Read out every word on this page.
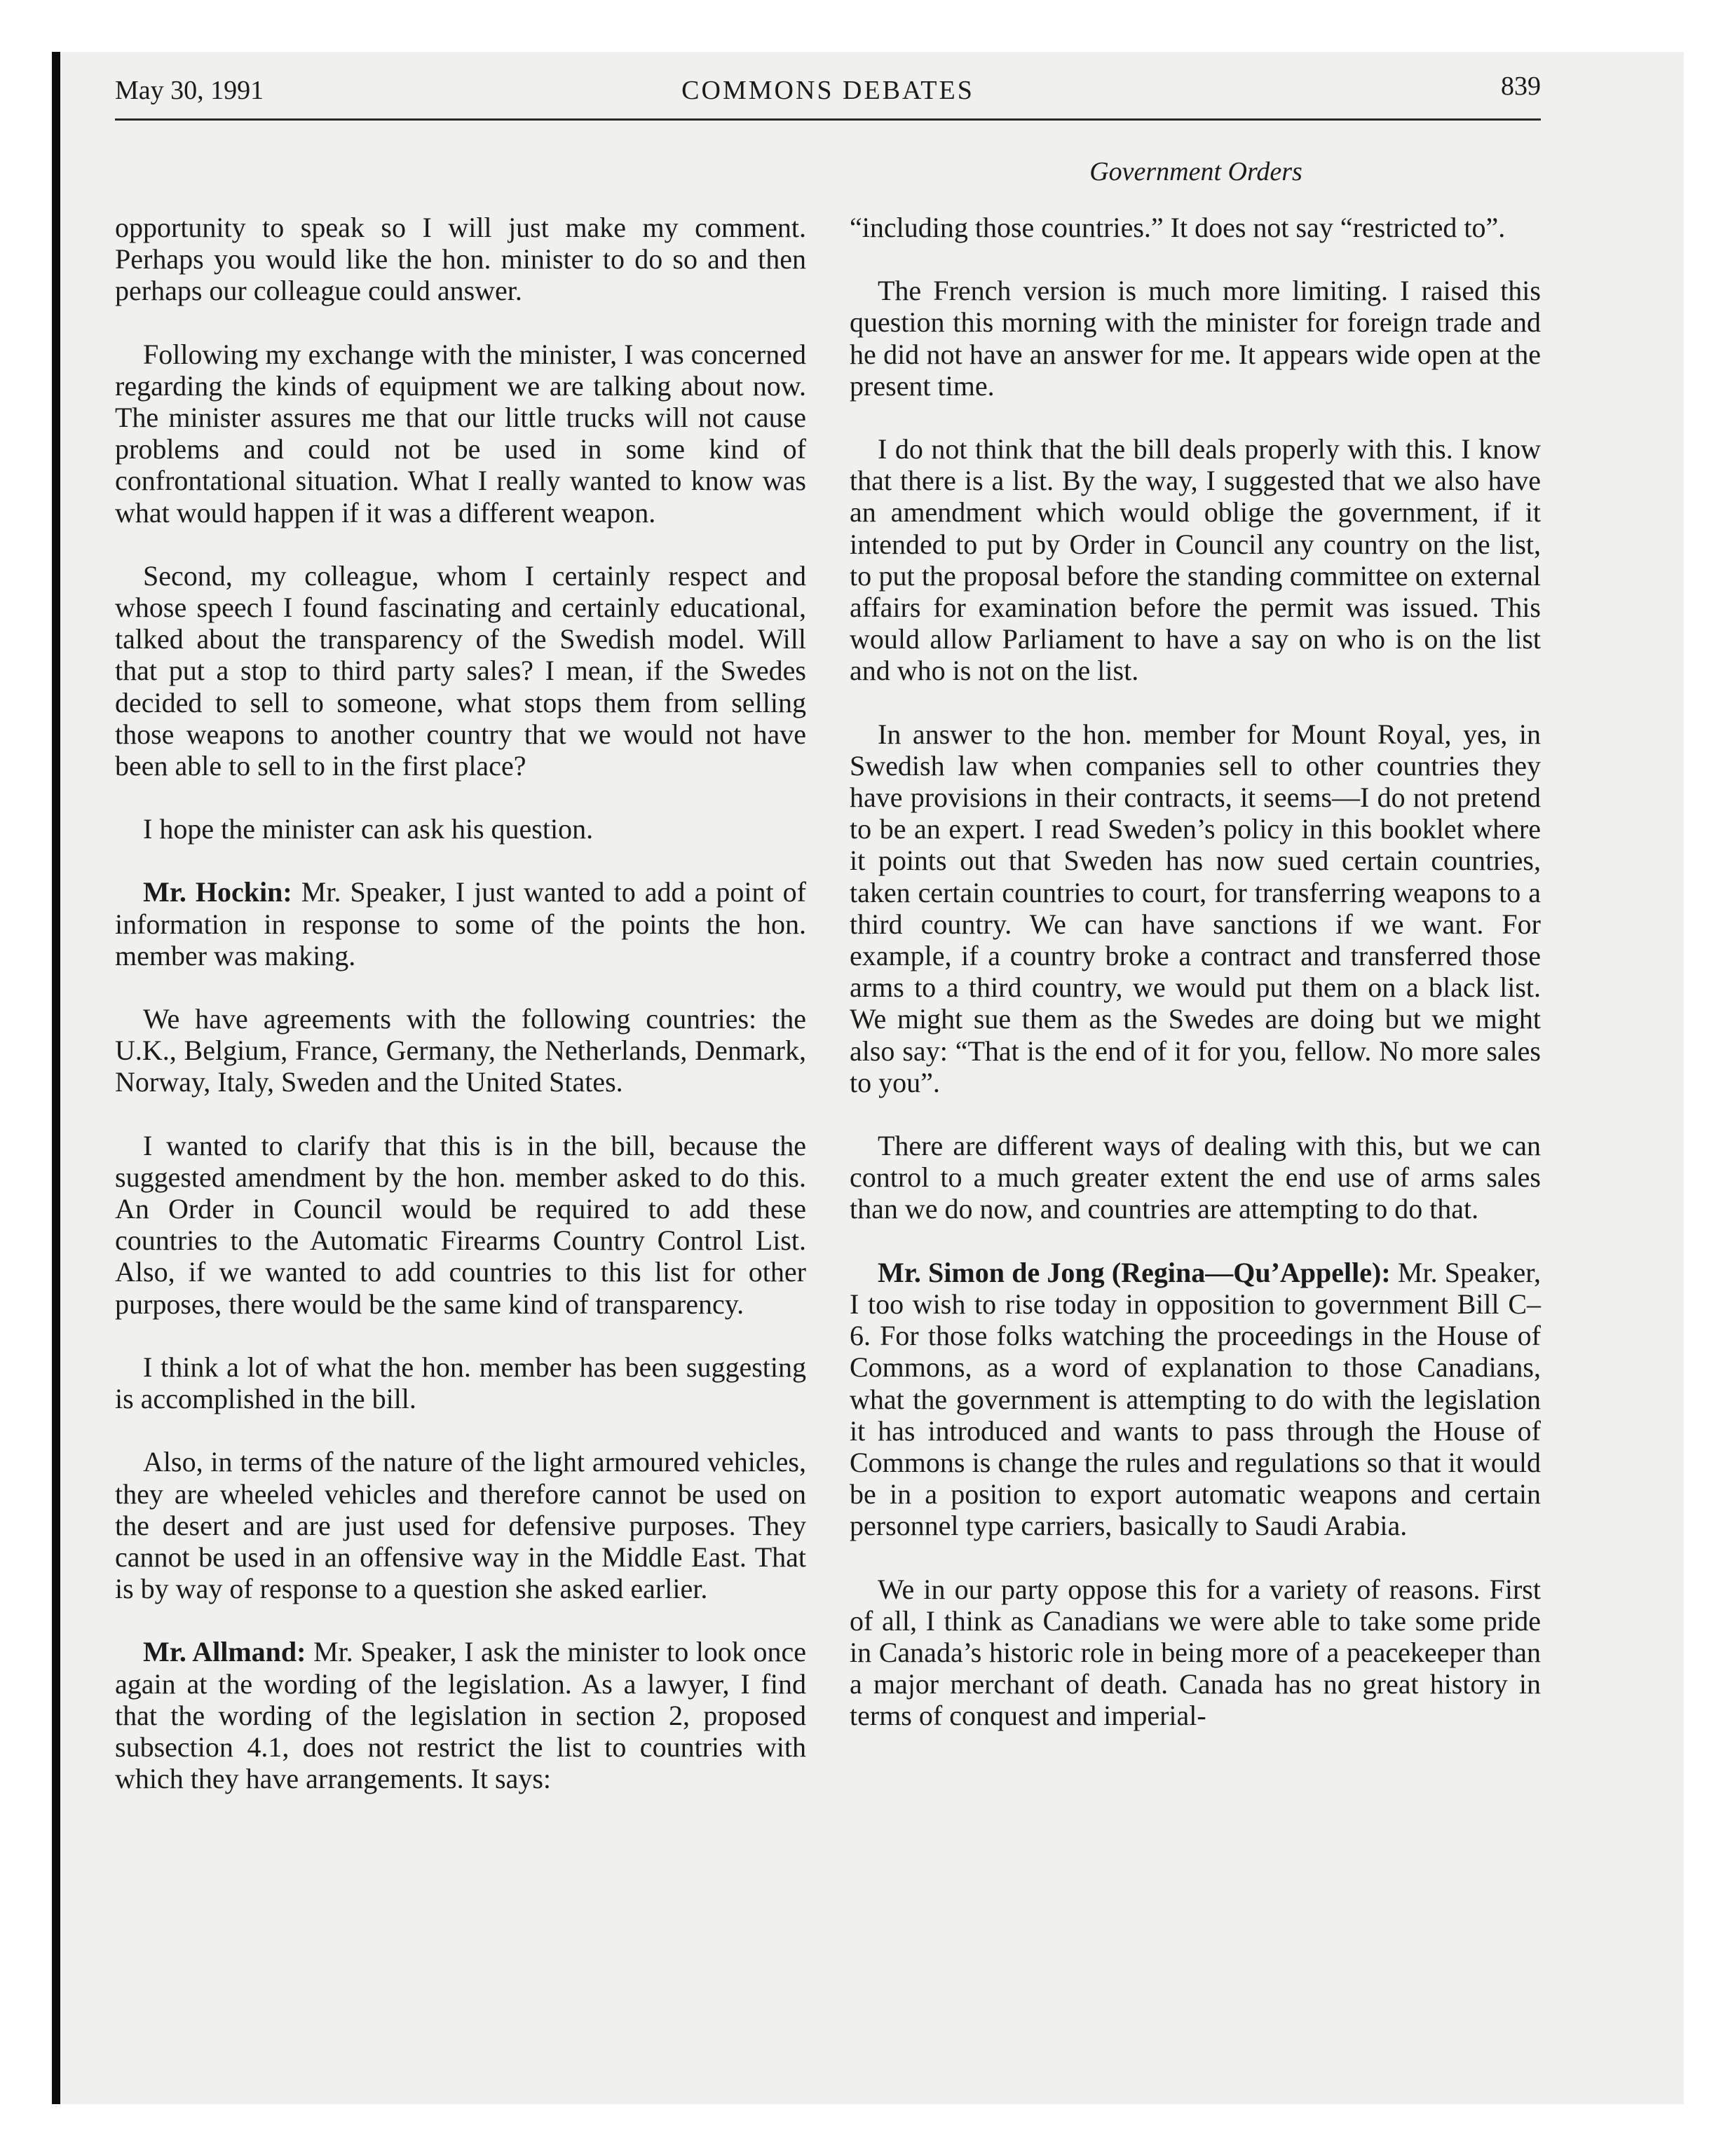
May 30, 1991	COMMONS DEBATES	839
Government Orders

opportunity to speak so I will just make my comment. Perhaps you would like the hon. minister to do so and then perhaps our colleague could answer.

Following my exchange with the minister, I was concerned regarding the kinds of equipment we are talking about now. The minister assures me that our little trucks will not cause problems and could not be used in some kind of confrontational situation. What I really wanted to know was what would happen if it was a different weapon.

Second, my colleague, whom I certainly respect and whose speech I found fascinating and certainly educational, talked about the transparency of the Swedish model. Will that put a stop to third party sales? I mean, if the Swedes decided to sell to someone, what stops them from selling those weapons to another country that we would not have been able to sell to in the first place?

I hope the minister can ask his question.

Mr. Hockin: Mr. Speaker, I just wanted to add a point of information in response to some of the points the hon. member was making.

We have agreements with the following countries: the U.K., Belgium, France, Germany, the Netherlands, Denmark, Norway, Italy, Sweden and the United States.

I wanted to clarify that this is in the bill, because the suggested amendment by the hon. member asked to do this. An Order in Council would be required to add these countries to the Automatic Firearms Country Control List. Also, if we wanted to add countries to this list for other purposes, there would be the same kind of transparency.

I think a lot of what the hon. member has been suggesting is accomplished in the bill.

Also, in terms of the nature of the light armoured vehicles, they are wheeled vehicles and therefore cannot be used on the desert and are just used for defensive purposes. They cannot be used in an offensive way in the Middle East. That is by way of response to a question she asked earlier.

Mr. Allmand: Mr. Speaker, I ask the minister to look once again at the wording of the legislation. As a lawyer, I find that the wording of the legislation in section 2, proposed subsection 4.1, does not restrict the list to countries with which they have arrangements. It says:

“including those countries.” It does not say “restricted to”.

The French version is much more limiting. I raised this question this morning with the minister for foreign trade and he did not have an answer for me. It appears wide open at the present time.

I do not think that the bill deals properly with this. I know that there is a list. By the way, I suggested that we also have an amendment which would oblige the government, if it intended to put by Order in Council any country on the list, to put the proposal before the standing committee on external affairs for examination before the permit was issued. This would allow Parliament to have a say on who is on the list and who is not on the list.

In answer to the hon. member for Mount Royal, yes, in Swedish law when companies sell to other countries they have provisions in their contracts, it seems—I do not pretend to be an expert. I read Sweden’s policy in this booklet where it points out that Sweden has now sued certain countries, taken certain countries to court, for transferring weapons to a third country. We can have sanctions if we want. For example, if a country broke a contract and transferred those arms to a third country, we would put them on a black list. We might sue them as the Swedes are doing but we might also say: “That is the end of it for you, fellow. No more sales to you”.

There are different ways of dealing with this, but we can control to a much greater extent the end use of arms sales than we do now, and countries are attempting to do that.

Mr. Simon de Jong (Regina—Qu’Appelle): Mr. Speaker, I too wish to rise today in opposition to government Bill C–6. For those folks watching the proceedings in the House of Commons, as a word of explanation to those Canadians, what the government is attempting to do with the legislation it has introduced and wants to pass through the House of Commons is change the rules and regulations so that it would be in a position to export automatic weapons and certain personnel type carriers, basically to Saudi Arabia.

We in our party oppose this for a variety of reasons. First of all, I think as Canadians we were able to take some pride in Canada’s historic role in being more of a peacekeeper than a major merchant of death. Canada has no great history in terms of conquest and imperial-
